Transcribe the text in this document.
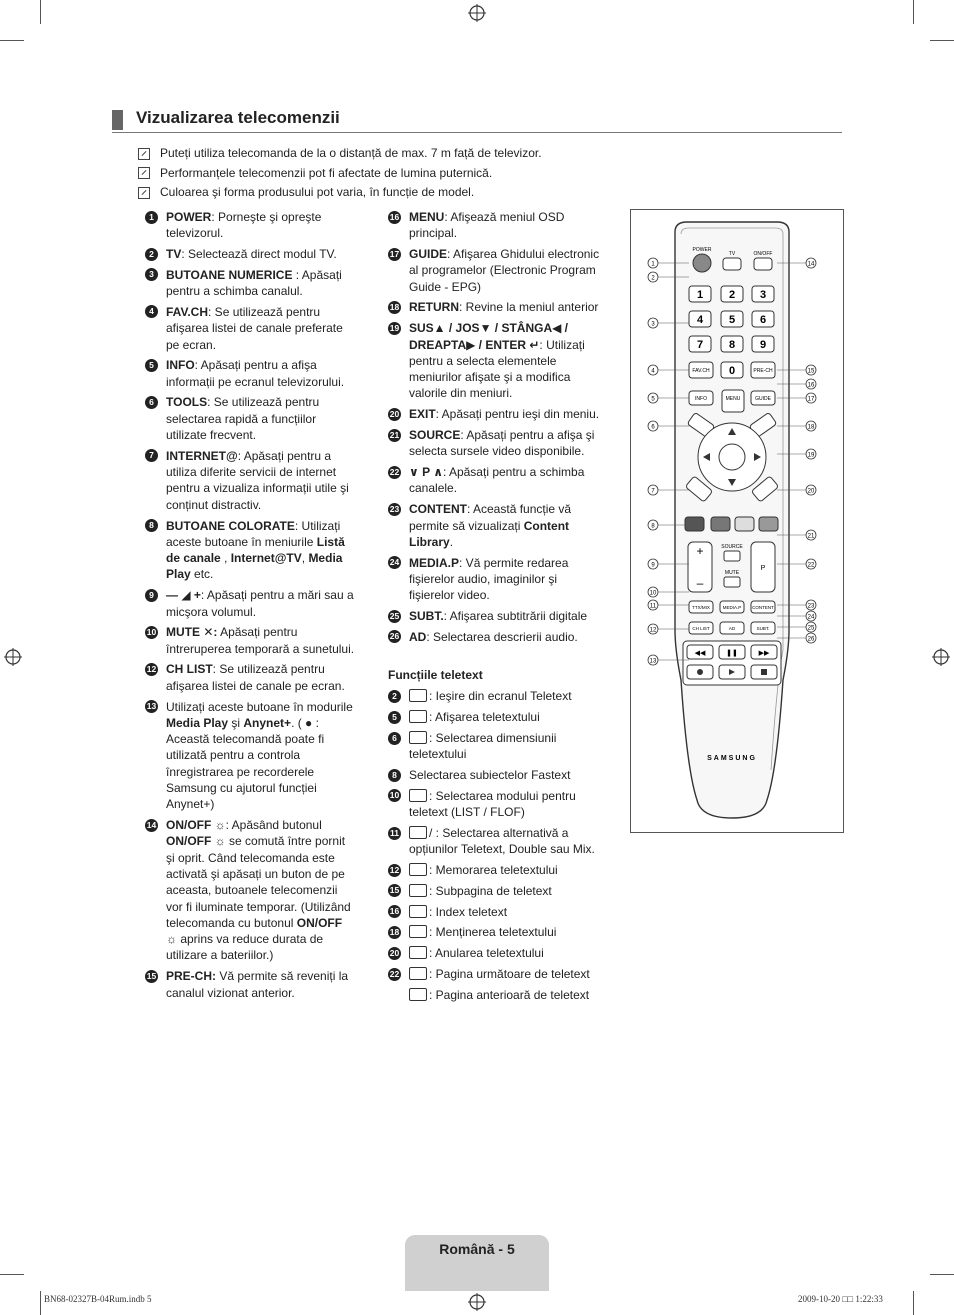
Vizualizarea telecomenzii
Puteți utiliza telecomanda de la o distanță de max. 7 m față de televizor.
Performanțele telecomenzii pot fi afectate de lumina puternică.
Culoarea şi forma produsului pot varia, în funcție de model.
1	POWER: Porneşte şi opreşte televizorul.
2	TV: Selectează direct modul TV.
3	BUTOANE NUMERICE : Apăsați pentru a schimba canalul.
4	FAV.CH: Se utilizează pentru afişarea listei de canale preferate pe ecran.
5	INFO: Apăsați pentru a afişa informații pe ecranul televizorului.
6	TOOLS: Se utilizează pentru selectarea rapidă a funcțiilor utilizate frecvent.
7	INTERNET@: Apăsați pentru a utiliza diferite servicii de internet pentru a vizualiza informații utile şi conținut distractiv.
8	BUTOANE COLORATE: Utilizați aceste butoane în meniurile Listă de canale , Internet@TV, Media Play etc.
9	— ◢ +: Apăsați pentru a mări sau a micşora volumul.
10 MUTE ✕: Apăsați pentru întreruperea temporară a sunetului.
12 CH LIST: Se utilizează pentru afişarea listei de canale pe ecran.
13 Utilizați aceste butoane în modurile Media Play şi Anynet+. ( ● : Această telecomandă poate fi utilizată pentru a controla înregistrarea pe recorderele Samsung cu ajutorul funcției Anynet+)
14 ON/OFF ☼: Apăsând butonul ON/OFF ☼ se comută între pornit şi oprit. Când telecomanda este activată şi apăsați un buton de pe aceasta, butoanele telecomenzii vor fi iluminate temporar. (Utilizând telecomanda cu butonul ON/OFF ☼ aprins va reduce durata de utilizare a bateriilor.)
15 PRE-CH: Vă permite să reveniți la canalul vizionat anterior.
16 MENU: Afişează meniul OSD principal.
17 GUIDE: Afişarea Ghidului electronic al programelor (Electronic Program Guide - EPG)
18 RETURN: Revine la meniul anterior
19 SUS▲ / JOS▼ / STÂNGA◀ / DREAPTA▶ / ENTER ↵: Utilizați pentru a selecta elementele meniurilor afişate şi a modifica valorile din meniuri.
20 EXIT: Apăsați pentru ieşi din meniu.
21 SOURCE: Apăsați pentru a afişa şi selecta sursele video disponibile.
22 ∨ P ∧: Apăsați pentru a schimba canalele.
23 CONTENT: Această funcție vă permite să vizualizați Content Library.
24 MEDIA.P: Vă permite redarea fişierelor audio, imaginilor şi fişierelor video.
25 SUBT.: Afişarea subtitrării digitale
26 AD: Selectarea descrierii audio.
Funcțiile teletext
2	: Ieşire din ecranul Teletext
5	: Afişarea teletextului
6	: Selectarea dimensiunii teletextului
8	Selectarea subiectelor Fastext
10	: Selectarea modului pentru teletext (LIST / FLOF)
11	/ : Selectarea alternativă a opțiunilor Teletext, Double sau Mix.
12	: Memorarea teletextului
15	: Subpagina de teletext
16	: Index teletext
18	: Menținerea teletextului
20	: Anularea teletextului
22	: Pagina următoare de teletext
: Pagina anterioară de teletext
POWER
TV	ON/OFF
1 2 3
4 5 6
7 8 9
0
FAV.CH	PRE-CH
INFO	MENU	GUIDE
+
–
SOURCE
MUTE
P
TTX/MIX	MEDIA.P CONTENT
CH LIST	AD	SUBT.
◀◀	❚❚	▶▶
SAMSUNG
1
2
3
4
5
6
7
8
9
10
11
12
13
14
15
16
17
18
19
20
21
22
23
24
25
26
Română - 5
BN68-02327B-04Rum.indb 5	2009-10-20 □□ 1:22:33
